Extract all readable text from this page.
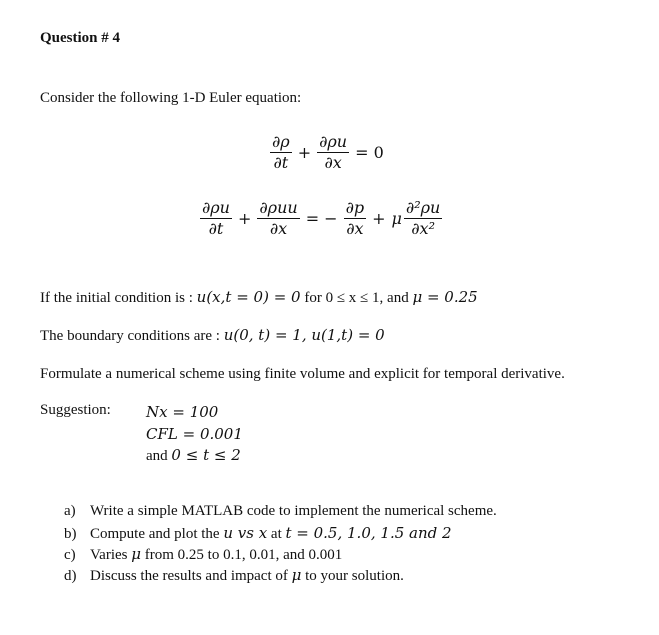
Question # 4
Consider the following 1-D Euler equation:
$\frac{\partial\rho}{\partial t} + \frac{\partial\rho u}{\partial x} = 0$
$\frac{\partial\rho u}{\partial t} + \frac{\text{∂ρuu}}{\partial x}$ = − $\frac{\partial p}{\partial x} + \mu \frac{\text{∂²ρu}}{\text{∂x²}}$
If the initial condition is : u(x,t = 0) = 0 for 0 ≤ x ≤ 1, and μ = 0.25
The boundary conditions are : u(0, t) = 1, u(1,t) = 0
Formulate a numerical scheme using finite volume and explicit for temporal derivative.
Suggestion: Nx = 100
CFL = 0.001
and 0 ≤ t ≤ 2
a) Write a simple MATLAB code to implement the numerical scheme.
b) Compute and plot the u vs x at t = 0.5, 1.0, 1.5 and 2
c) Varies μ from 0.25 to 0.1, 0.01, and 0.001
d) Discuss the results and impact of μ to your solution.
